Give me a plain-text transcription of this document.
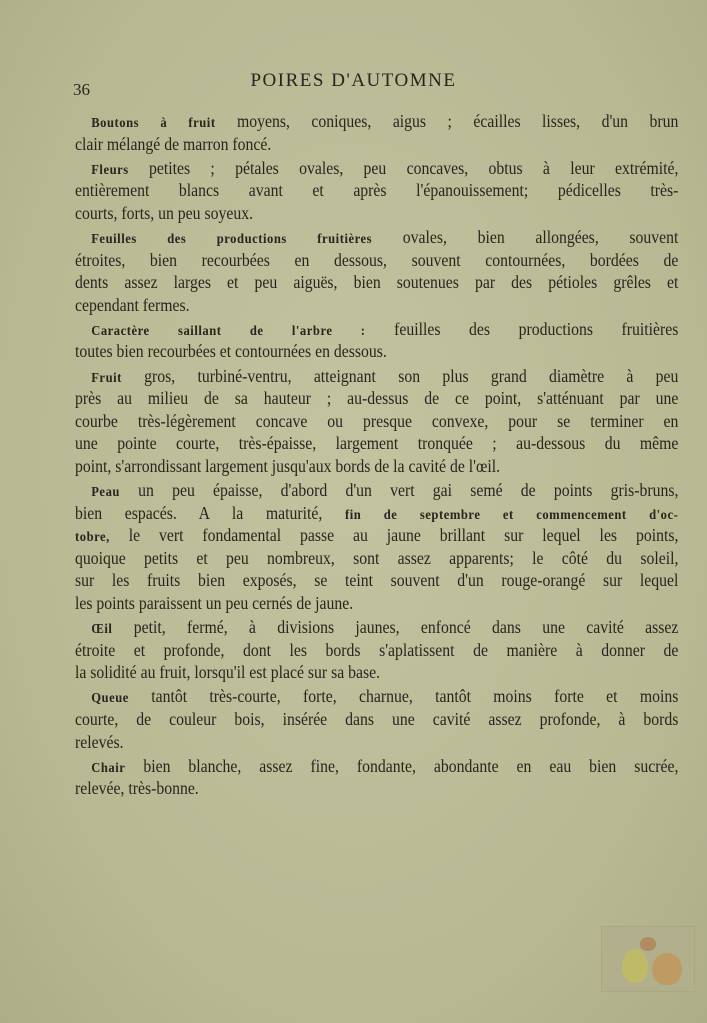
36	POIRES D'AUTOMNE
Boutons à fruit moyens, coniques, aigus ; écailles lisses, d'un brun
clair mélangé de marron foncé.
Fleurs petites ; pétales ovales, peu concaves, obtus à leur extrémité,
entièrement blancs avant et après l'épanouissement; pédicelles très-
courts, forts, un peu soyeux.
Feuilles des productions fruitières ovales, bien allongées, souvent
étroites, bien recourbées en dessous, souvent contournées, bordées de
dents assez larges et peu aiguës, bien soutenues par des pétioles grêles et
cependant fermes.
Caractère saillant de l'arbre : feuilles des productions fruitières
toutes bien recourbées et contournées en dessous.
Fruit gros, turbiné-ventru, atteignant son plus grand diamètre à peu
près au milieu de sa hauteur ; au-dessus de ce point, s'atténuant par une
courbe très-légèrement concave ou presque convexe, pour se terminer en
une pointe courte, très-épaisse, largement tronquée ; au-dessous du même
point, s'arrondissant largement jusqu'aux bords de la cavité de l'œil.
Peau un peu épaisse, d'abord d'un vert gai semé de points gris-bruns,
bien espacés. A la maturité, fin de septembre et commencement d'oc-
tobre, le vert fondamental passe au jaune brillant sur lequel les points,
quoique petits et peu nombreux, sont assez apparents; le côté du soleil,
sur les fruits bien exposés, se teint souvent d'un rouge-orangé sur lequel
les points paraissent un peu cernés de jaune.
Œil petit, fermé, à divisions jaunes, enfoncé dans une cavité assez
étroite et profonde, dont les bords s'aplatissent de manière à donner de
la solidité au fruit, lorsqu'il est placé sur sa base.
Queue tantôt très-courte, forte, charnue, tantôt moins forte et moins
courte, de couleur bois, insérée dans une cavité assez profonde, à bords
relevés.
Chair bien blanche, assez fine, fondante, abondante en eau bien sucrée,
relevée, très-bonne.
